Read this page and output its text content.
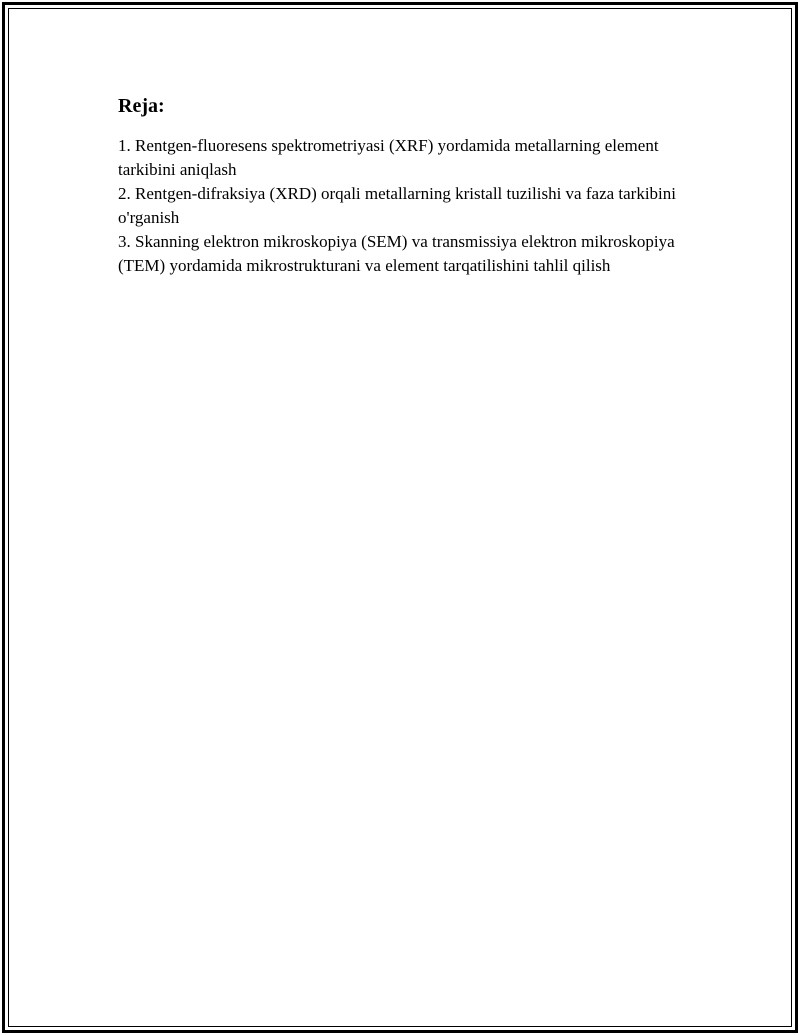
Reja:
1. Rentgen-fluoresens spektrometriyasi (XRF) yordamida metallarning element tarkibini aniqlash
2. Rentgen-difraksiya (XRD) orqali metallarning kristall tuzilishi va faza tarkibini o'rganish
3. Skanning elektron mikroskopiya (SEM) va transmissiya elektron mikroskopiya (TEM) yordamida mikrostrukturani va element tarqatilishini tahlil qilish
